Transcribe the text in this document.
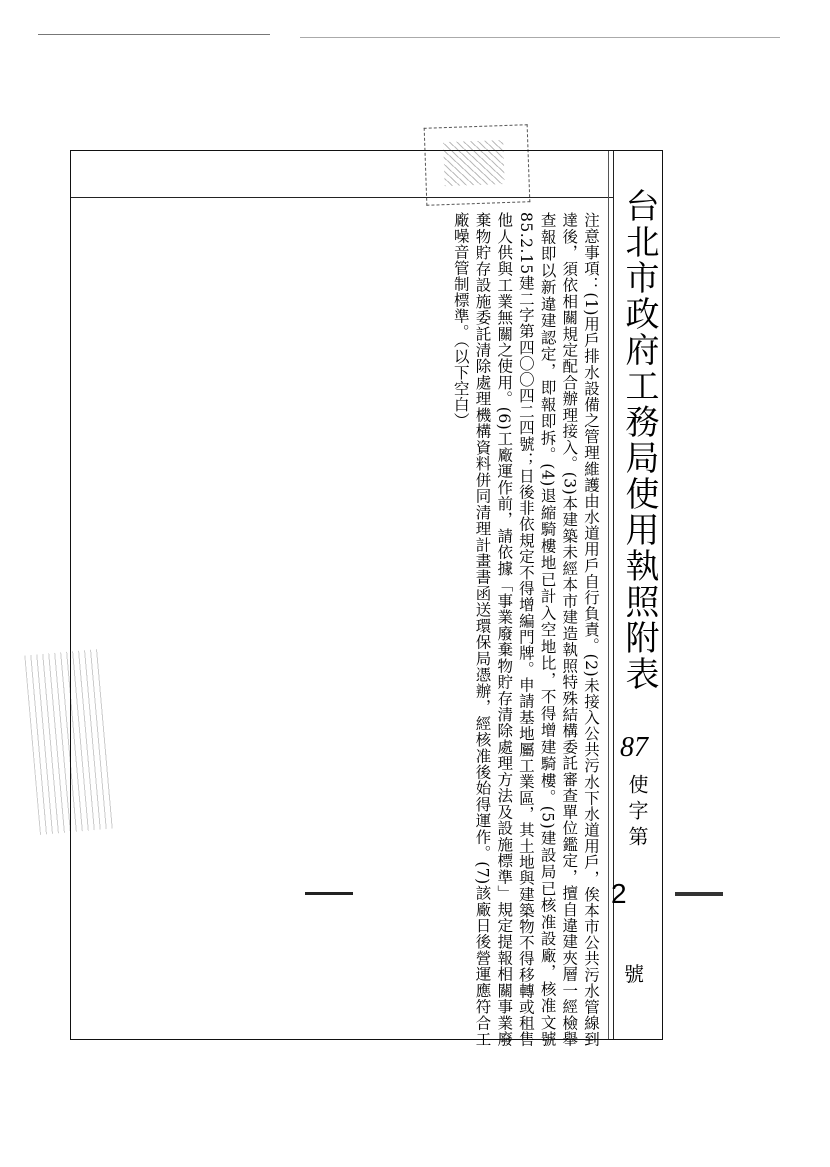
台北市政府工務局使用執照附表
87
使字第
2
號

注意事項：(1)用戶排水設備之管理維護由水道用戶自行負責。(2)未接入公共污水下水道用戶，俟本市公共污水管線到達後，須依相關規定配合辦理接入。(3)本建築未經本市建造執照特殊結構委託審查單位鑑定，擅自違建夾層一經檢舉查報即以新違建認定，即報即拆。(4)退縮騎樓地已計入空地比，不得增建騎樓。(5)建設局已核准設廠，核准文號85.2.15建二字第四〇〇四二四號；日後非依規定不得增編門牌。申請基地屬工業區，其土地與建築物不得移轉或租售他人供與工業無關之使用。(6)工廠運作前，請依據「事業廢棄物貯存清除處理方法及設施標準」規定提報相關事業廢棄物貯存設施委託清除處理機構資料併同清理計畫書函送環保局憑辦，經核准後始得運作。(7)該廠日後營運應符合工廠噪音管制標準。（以下空白）
